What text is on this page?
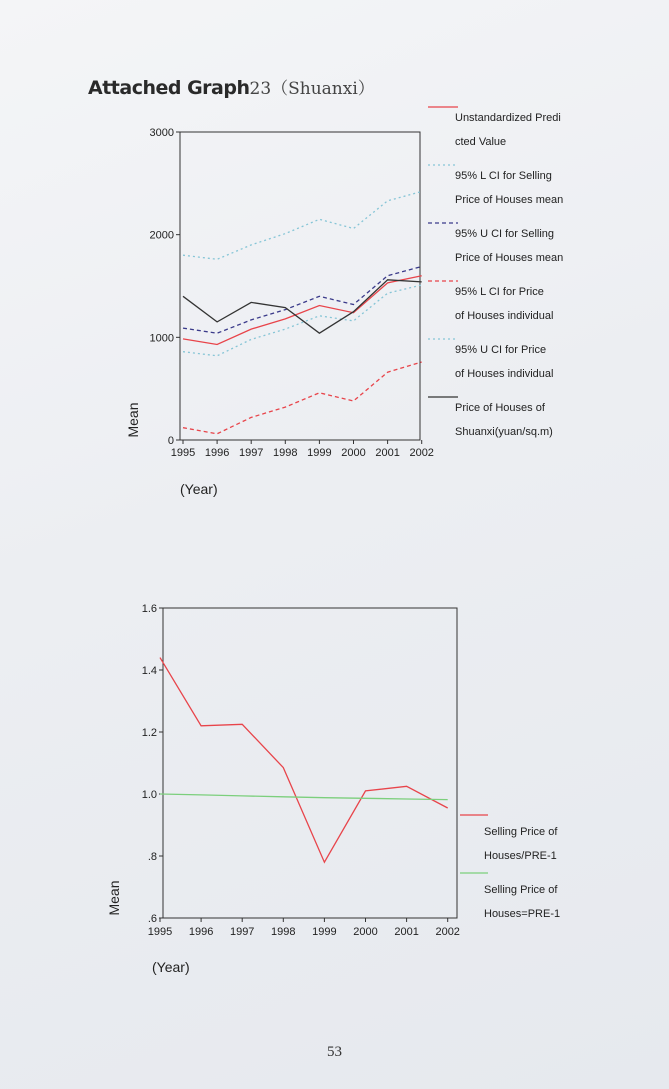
Attached Graph23（Shuanxi）
0
1000
2000
3000
1995 1996 1997 1998 1999 2000 2001 2002
Mean
(Year)
Unstandardized Predi
cted Value
95% L CI for Selling
Price of Houses mean
95% U CI for Selling
Price of Houses mean
95% L CI for Price
of Houses individual
95% U CI for Price
of Houses individual
Price of Houses of
Shuanxi(yuan/sq.m)
.6
.8
1.0
1.2
1.4
1.6
1995 1996 1997 1998 1999 2000 2001 2002
Mean
(Year)
Selling Price of
Houses/PRE-1
Selling Price of
Houses=PRE-1
53
